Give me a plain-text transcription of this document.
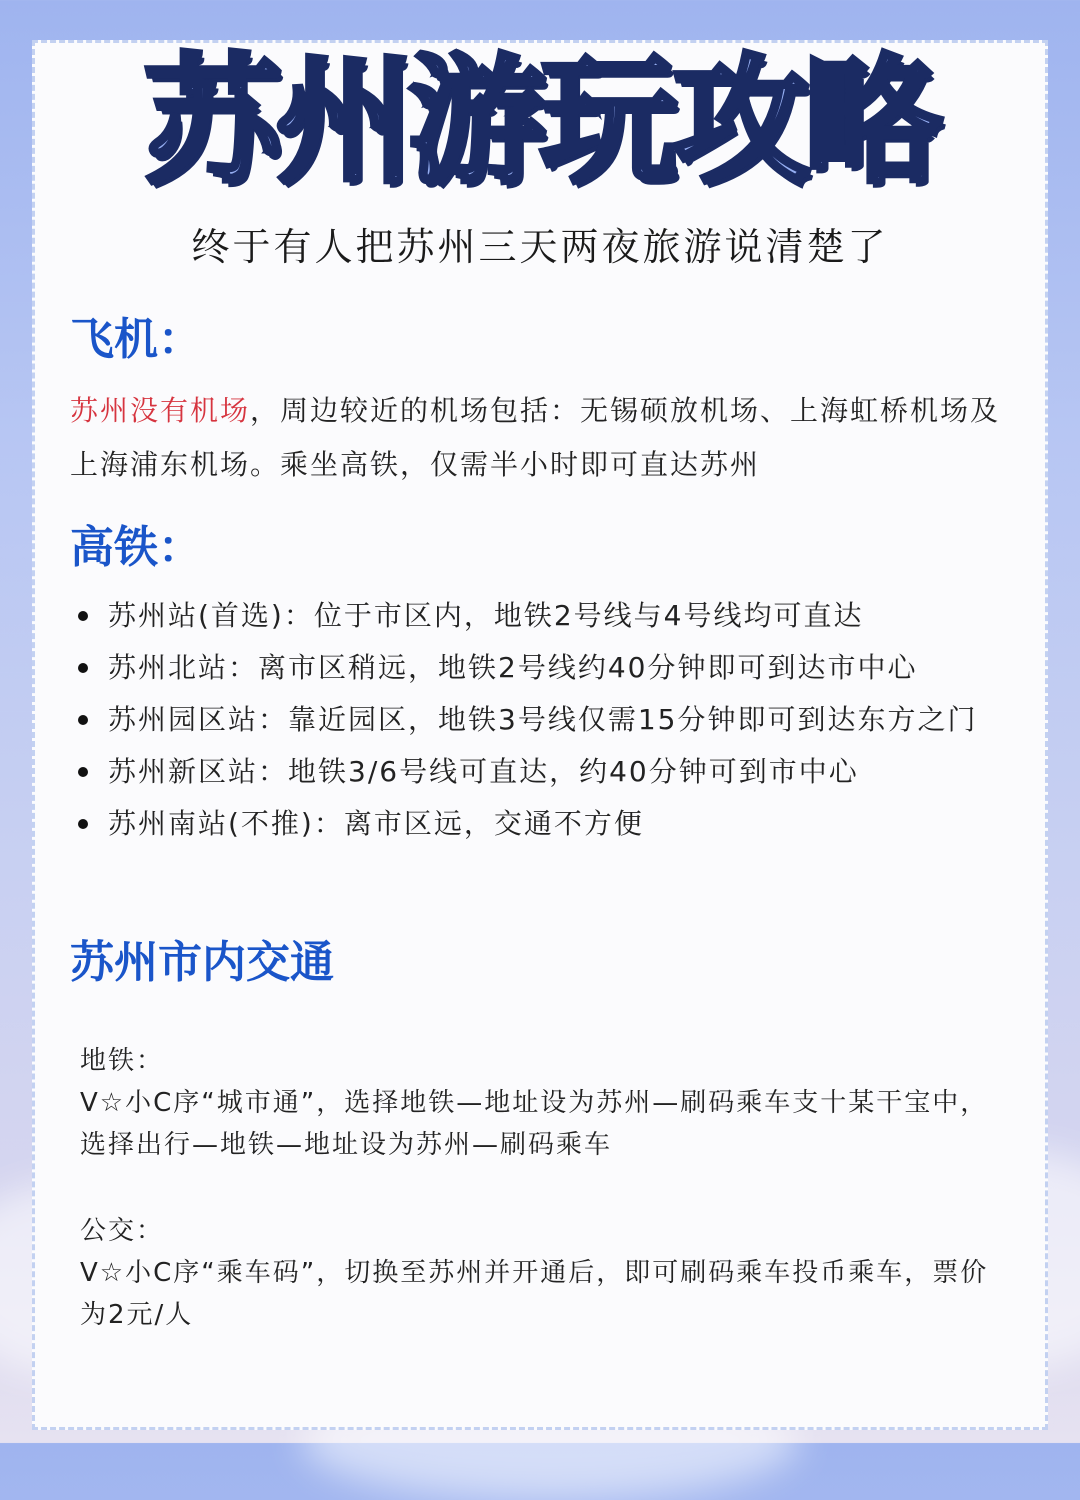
苏州游玩攻略
终于有人把苏州三天两夜旅游说清楚了
飞机：
苏州没有机场，周边较近的机场包括：无锡硕放机场、上海虹桥机场及上海浦东机场。乘坐高铁，仅需半小时即可直达苏州
高铁：
苏州站(首选)：位于市区内，地铁2号线与4号线均可直达
苏州北站：离市区稍远，地铁2号线约40分钟即可到达市中心
苏州园区站：靠近园区，地铁3号线仅需15分钟即可到达东方之门
苏州新区站：地铁3/6号线可直达，约40分钟可到市中心
苏州南站(不推)：离市区远，交通不方便
苏州市内交通
地铁：
V☆小C序“城市通”，选择地铁—地址设为苏州—刷码乘车支十某干宝中，选择出行—地铁—地址设为苏州—刷码乘车
公交：
V☆小C序“乘车码”，切换至苏州并开通后，即可刷码乘车投币乘车，票价为2元/人
